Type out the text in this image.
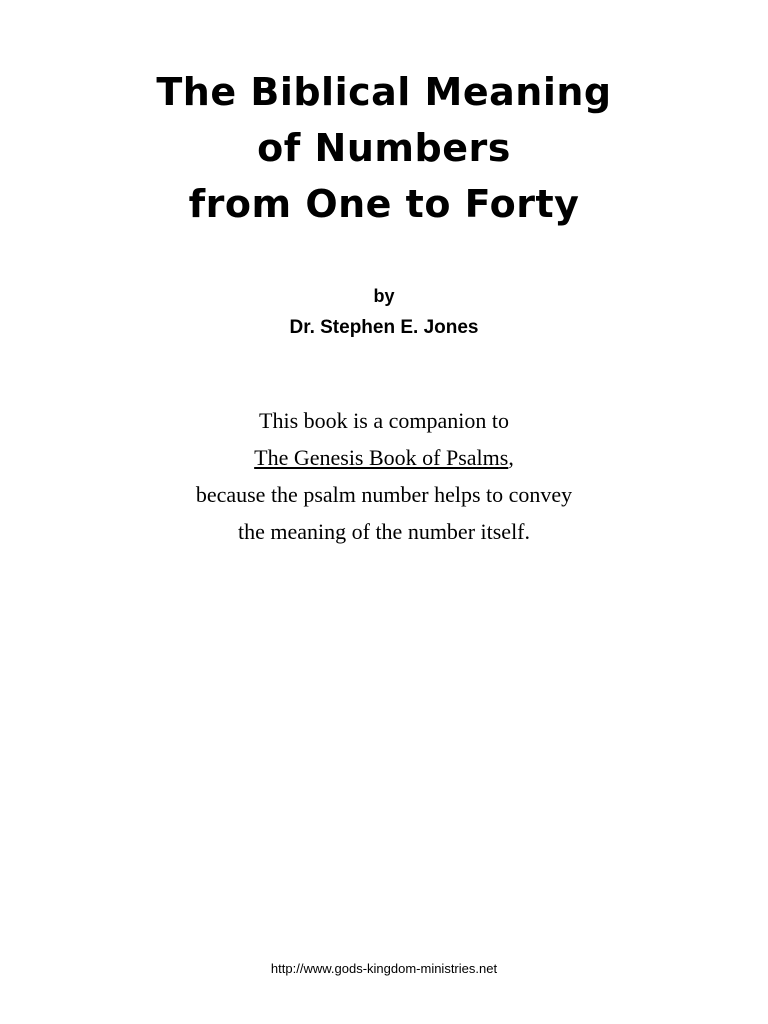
The Biblical Meaning
of Numbers
from One to Forty
by
Dr. Stephen E. Jones
This book is a companion to
The Genesis Book of Psalms,
because the psalm number helps to convey
the meaning of the number itself.
http://www.gods-kingdom-ministries.net
